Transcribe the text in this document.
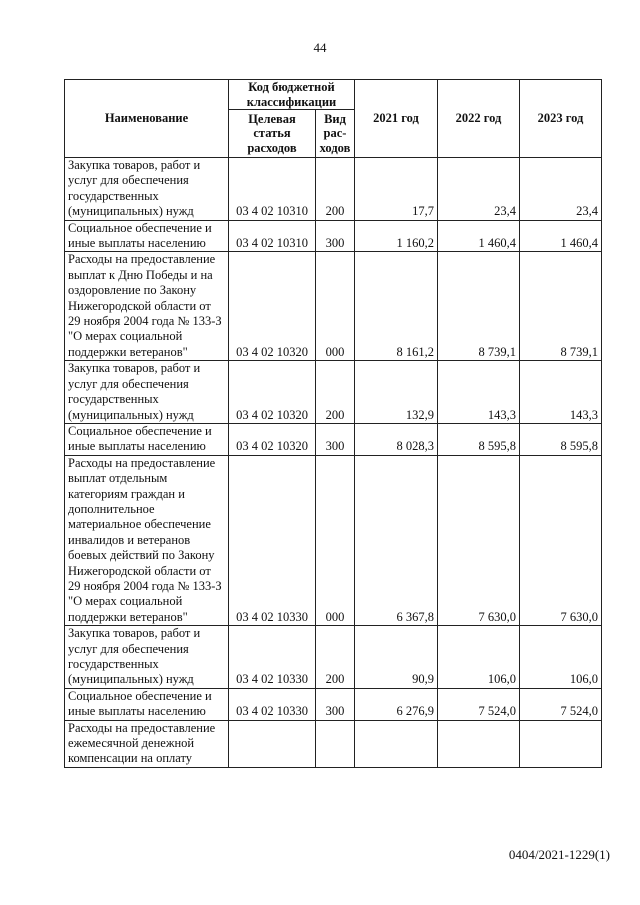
44
Наименование	Код бюджетной классификации		2021 год	2022 год	2023 год
	Целевая статья расходов	Вид рас-ходов			
Закупка товаров, работ и услуг для обеспечения государственных (муниципальных) нужд	03 4 02 10310	200	17,7	23,4	23,4
Социальное обеспечение и иные выплаты населению	03 4 02 10310	300	1 160,2	1 460,4	1 460,4
Расходы на предоставление выплат к Дню Победы и на оздоровление по Закону Нижегородской области от 29 ноября 2004 года № 133-З "О мерах социальной поддержки ветеранов"	03 4 02 10320	000	8 161,2	8 739,1	8 739,1
Закупка товаров, работ и услуг для обеспечения государственных (муниципальных) нужд	03 4 02 10320	200	132,9	143,3	143,3
Социальное обеспечение и иные выплаты населению	03 4 02 10320	300	8 028,3	8 595,8	8 595,8
Расходы на предоставление выплат отдельным категориям граждан и дополнительное материальное обеспечение инвалидов и ветеранов боевых действий по Закону Нижегородской области от 29 ноября 2004 года № 133-З "О мерах социальной поддержки ветеранов"	03 4 02 10330	000	6 367,8	7 630,0	7 630,0
Закупка товаров, работ и услуг для обеспечения государственных (муниципальных) нужд	03 4 02 10330	200	90,9	106,0	106,0
Социальное обеспечение и иные выплаты населению	03 4 02 10330	300	6 276,9	7 524,0	7 524,0
Расходы на предоставление ежемесячной денежной компенсации на оплату					
0404/2021-1229(1)
